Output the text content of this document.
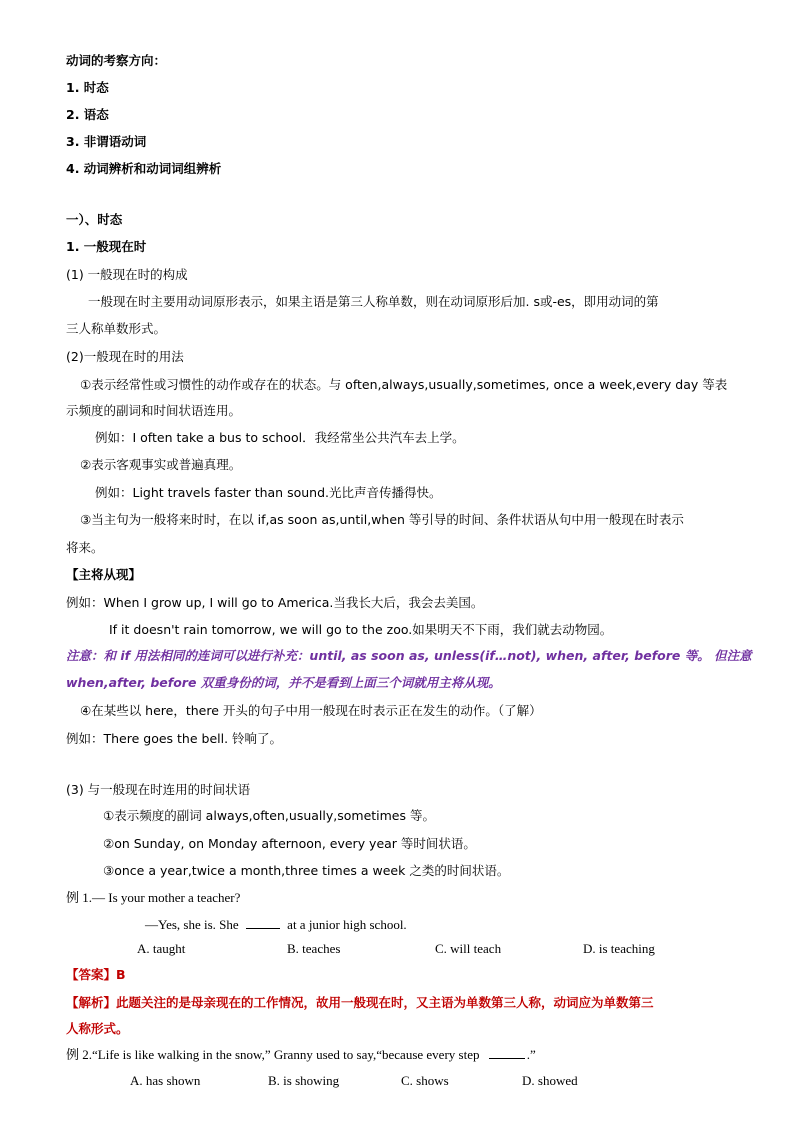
动词的考察方向：
1. 时态
2. 语态
3. 非谓语动词
4. 动词辨析和动词词组辨析
一）、时态
1. 一般现在时
(1) 一般现在时的构成
一般现在时主要用动词原形表示，如果主语是第三人称单数，则在动词原形后加. s或-es，即用动词的第
三人称单数形式。
(2)一般现在时的用法
①表示经常性或习惯性的动作或存在的状态。与 often,always,usually,sometimes, once a week,every day 等表
示频度的副词和时间状语连用。
例如：I often take a bus to school．我经常坐公共汽车去上学。
②表示客观事实或普遍真理。
例如：Light travels faster than sound.光比声音传播得快。
③当主句为一般将来时时，在以 if,as soon as,until,when 等引导的时间、条件状语从句中用一般现在时表示
将来。
【主将从现】
例如：When I grow up, I will go to America.当我长大后，我会去美国。
If it doesn't rain tomorrow, we will go to the zoo.如果明天不下雨，我们就去动物园。
注意：和 if 用法相同的连词可以进行补充：until, as soon as, unless(if…not), when, after, before 等。 但注意
when,after, before 双重身份的词，并不是看到上面三个词就用主将从现。
④在某些以 here，there 开头的句子中用一般现在时表示正在发生的动作。（了解）
例如：There goes the bell. 铃响了。
(3) 与一般现在时连用的时间状语
①表示频度的副词 always,often,usually,sometimes 等。
②on Sunday, on Monday afternoon, every year 等时间状语。
③once a year,twice a month,three times a week 之类的时间状语。
例 1.— Is your mother a teacher?
—Yes, she is. She	at a junior high school.
A. taught	B. teaches	C. will teach	D. is teaching
【答案】B
【解析】此题关注的是母亲现在的工作情况，故用一般现在时，又主语为单数第三人称，动词应为单数第三
人称形式。
例 2.“Life is like walking in the snow,” Granny used to say,“because every step	.”
A. has shown	B. is showing	C. shows	D. showed
